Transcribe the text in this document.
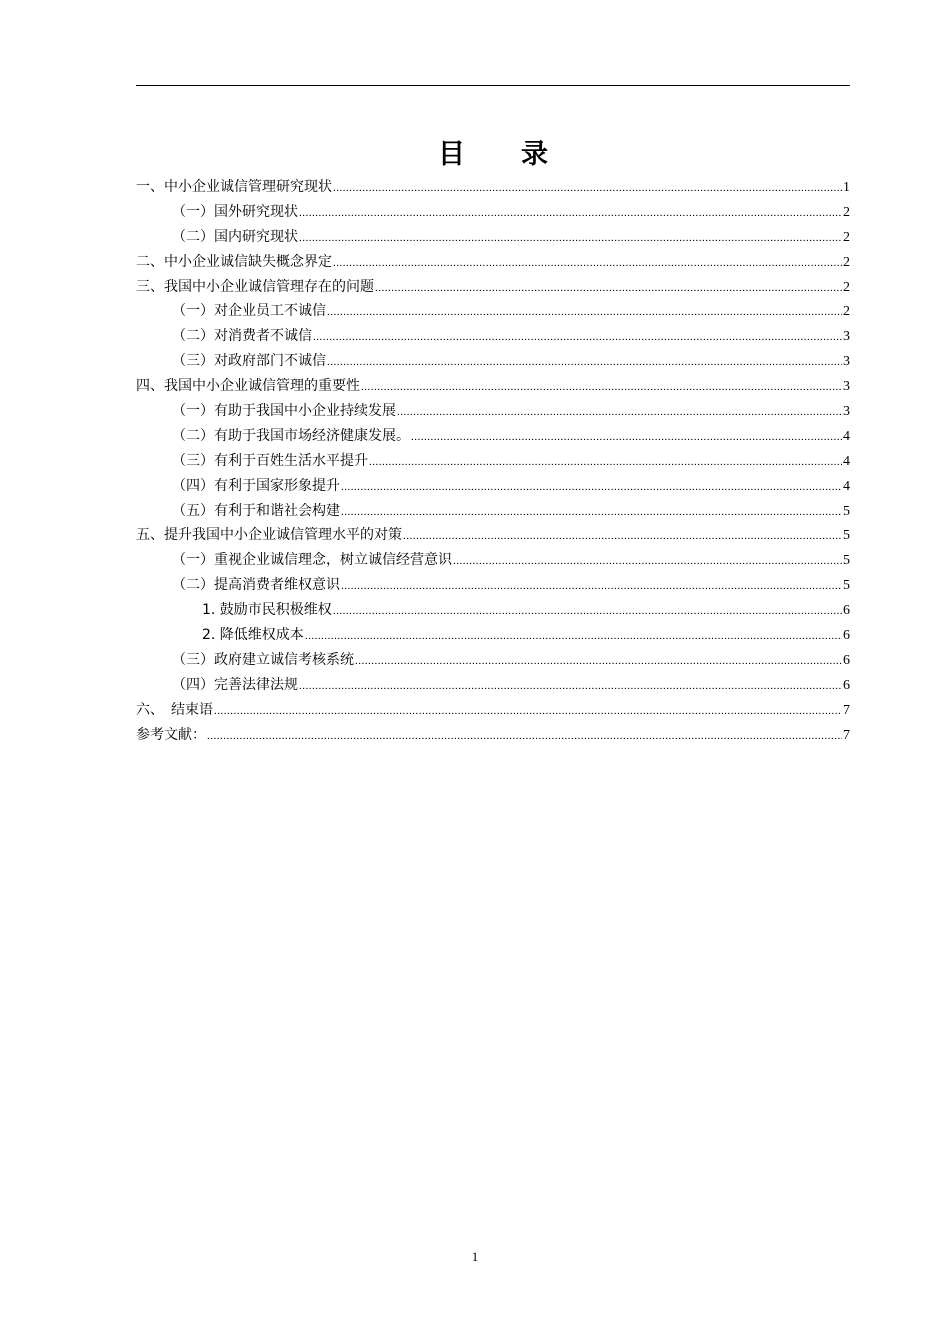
目 录
一、中小企业诚信管理研究现状 .....	1
（一）国外研究现状 .....	2
（二）国内研究现状 .....	2
二、中小企业诚信缺失概念界定 .....	2
三、我国中小企业诚信管理存在的问题 .....	2
（一）对企业员工不诚信 .....	2
（二）对消费者不诚信 .....	3
（三）对政府部门不诚信 .....	3
四、我国中小企业诚信管理的重要性 .....	3
（一）有助于我国中小企业持续发展 .....	3
（二）有助于我国市场经济健康发展。 .....	4
（三）有利于百姓生活水平提升 .....	4
（四）有利于国家形象提升 .....	4
（五）有利于和谐社会构建 .....	5
五、提升我国中小企业诚信管理水平的对策 .....	5
（一）重视企业诚信理念，树立诚信经营意识 .....	5
（二）提高消费者维权意识 .....	5
1. 鼓励市民积极维权 .....	6
2. 降低维权成本 .....	6
（三）政府建立诚信考核系统 .....	6
（四）完善法律法规 .....	6
六、　结束语 .....	7
参考文献： .....	7
1
